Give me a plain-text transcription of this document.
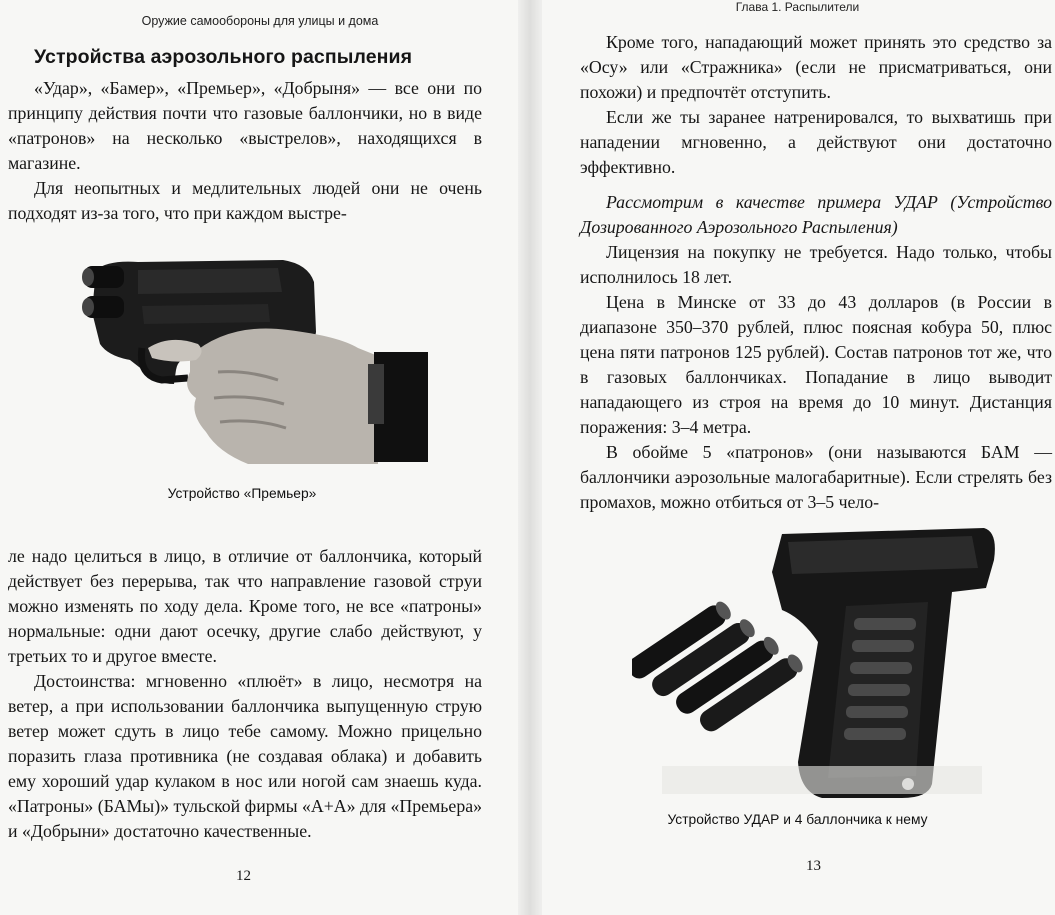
Оружие самообороны для улицы и дома
Устройства аэрозольного распыления

«Удар», «Бамер», «Премьер», «Добрыня» — все они по принципу действия почти что газовые баллончики, но в виде «патронов» на несколько «выстрелов», находящихся в магазине.

Для неопытных и медлительных людей они не очень подходят из-за того, что при каждом выстре-

Устройство «Премьер»

ле надо целиться в лицо, в отличие от баллончика, который действует без перерыва, так что направление газовой струи можно изменять по ходу дела. Кроме того, не все «патроны» нормальные: одни дают осечку, другие слабо действуют, у третьих то и другое вместе.

Достоинства: мгновенно «плюёт» в лицо, несмотря на ветер, а при использовании баллончика выпущенную струю ветер может сдуть в лицо тебе самому. Можно прицельно поразить глаза противника (не создавая облака) и добавить ему хороший удар кулаком в нос или ногой сам знаешь куда. «Патроны» (БАМы)» тульской фирмы «А+А» для «Премьера» и «Добрыни» достаточно качественные.

12
Глава 1. Распылители

Кроме того, нападающий может принять это средство за «Осу» или «Стражника» (если не присматриваться, они похожи) и предпочтёт отступить.

Если же ты заранее натренировался, то выхватишь при нападении мгновенно, а действуют они достаточно эффективно.

Рассмотрим в качестве примера УДАР (Устройство Дозированного Аэрозольного Распыления)

Лицензия на покупку не требуется. Надо только, чтобы исполнилось 18 лет.

Цена в Минске от 33 до 43 долларов (в России в диапазоне 350–370 рублей, плюс поясная кобура 50, плюс цена пяти патронов 125 рублей). Состав патронов тот же, что в газовых баллончиках. Попадание в лицо выводит нападающего из строя на время до 10 минут. Дистанция поражения: 3–4 метра.

В обойме 5 «патронов» (они называются БАМ — баллончики аэрозольные малогабаритные). Если стрелять без промахов, можно отбиться от 3–5 чело-

Устройство УДАР и 4 баллончика к нему
13
